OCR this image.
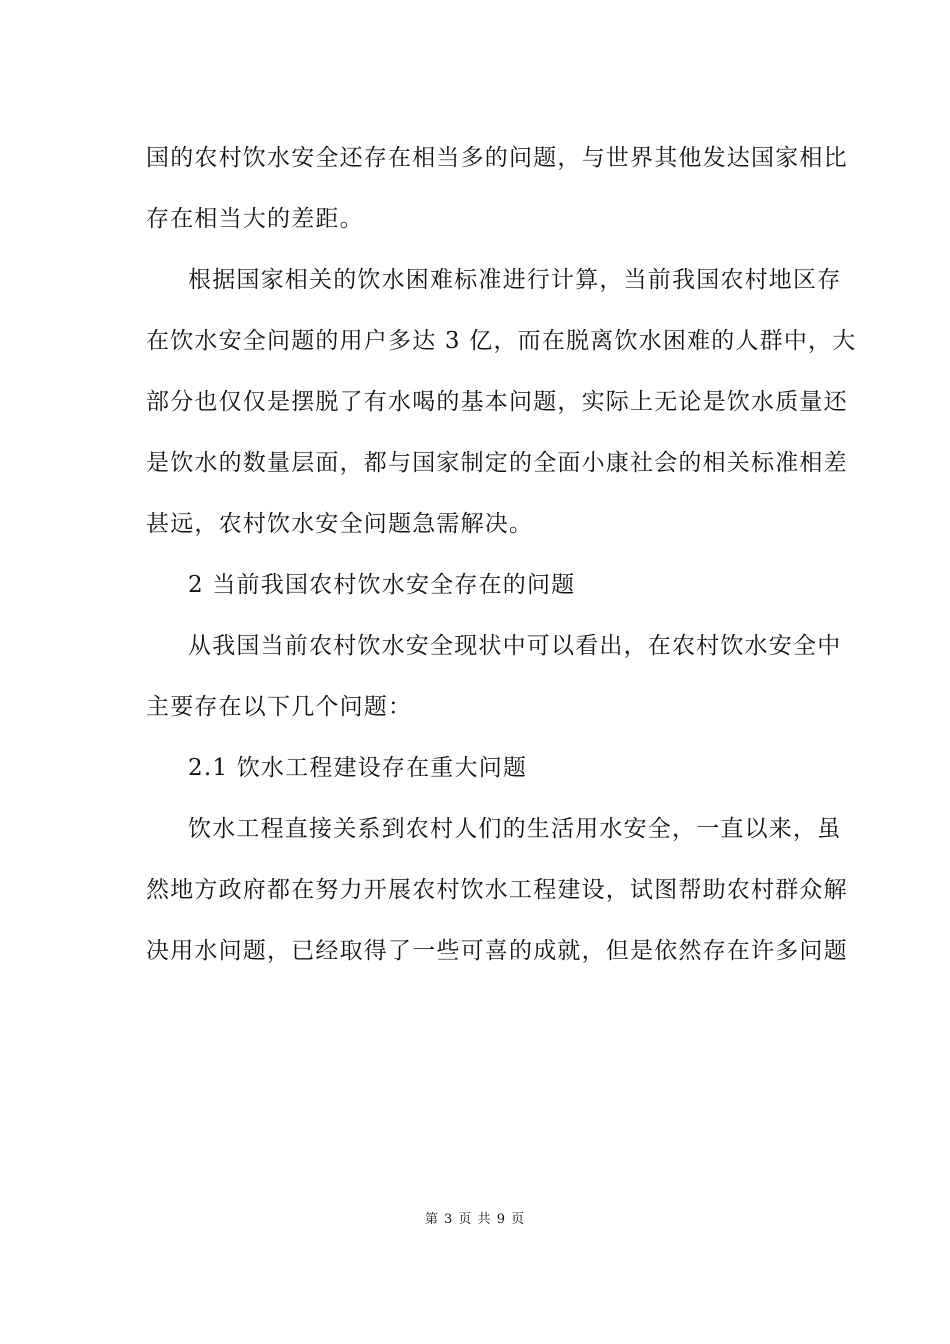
国的农村饮水安全还存在相当多的问题，与世界其他发达国家相比
存在相当大的差距。
根据国家相关的饮水困难标准进行计算，当前我国农村地区存
在饮水安全问题的用户多达 3 亿，而在脱离饮水困难的人群中，大
部分也仅仅是摆脱了有水喝的基本问题，实际上无论是饮水质量还
是饮水的数量层面，都与国家制定的全面小康社会的相关标准相差
甚远，农村饮水安全问题急需解决。
2 当前我国农村饮水安全存在的问题
从我国当前农村饮水安全现状中可以看出，在农村饮水安全中
主要存在以下几个问题：
2.1 饮水工程建设存在重大问题
饮水工程直接关系到农村人们的生活用水安全，一直以来，虽
然地方政府都在努力开展农村饮水工程建设，试图帮助农村群众解
决用水问题，已经取得了一些可喜的成就，但是依然存在许多问题
第 3 页 共 9 页
